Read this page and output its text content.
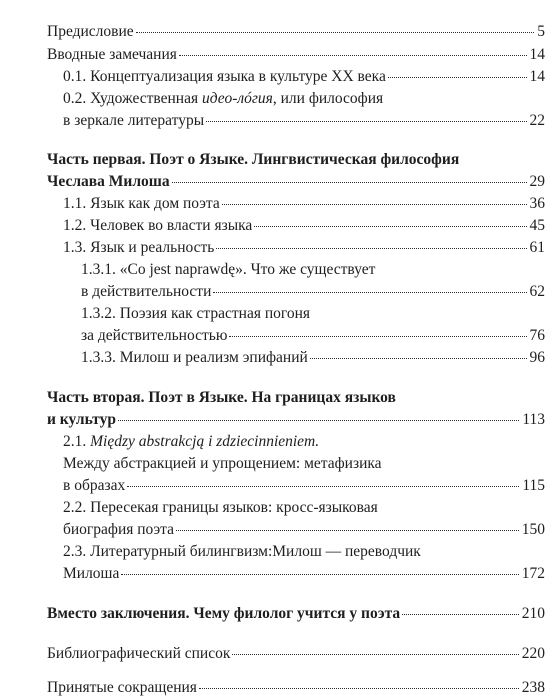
Предисловие	5
Вводные замечания	14
0.1. Концептуализация языка в культуре XX века	14
0.2. Художественная идео-лóгия, или философия
в зеркале литературы	22
Часть первая. Поэт о Языке. Лингвистическая философия
Чеслава Милоша	29
1.1. Язык как дом поэта	36
1.2. Человек во власти языка	45
1.3. Язык и реальность	61
1.3.1. «Co jest naprawdę». Что же существует
в действительности	62
1.3.2. Поэзия как страстная погоня
за действительностью	76
1.3.3. Милош и реализм эпифаний	96
Часть вторая. Поэт в Языке. На границах языков
и культур	113
2.1. Między abstrakcją i zdziecinnieniem.
Между абстракцией и упрощением: метафизика
в образах	115
2.2. Пересекая границы языков: кросс-языковая
биография поэта	150
2.3. Литературный билингвизм:Милош — переводчик
Милоша	172
Вместо заключения. Чему филолог учится у поэта	210
Библиографический список	220
Принятые сокращения	238
